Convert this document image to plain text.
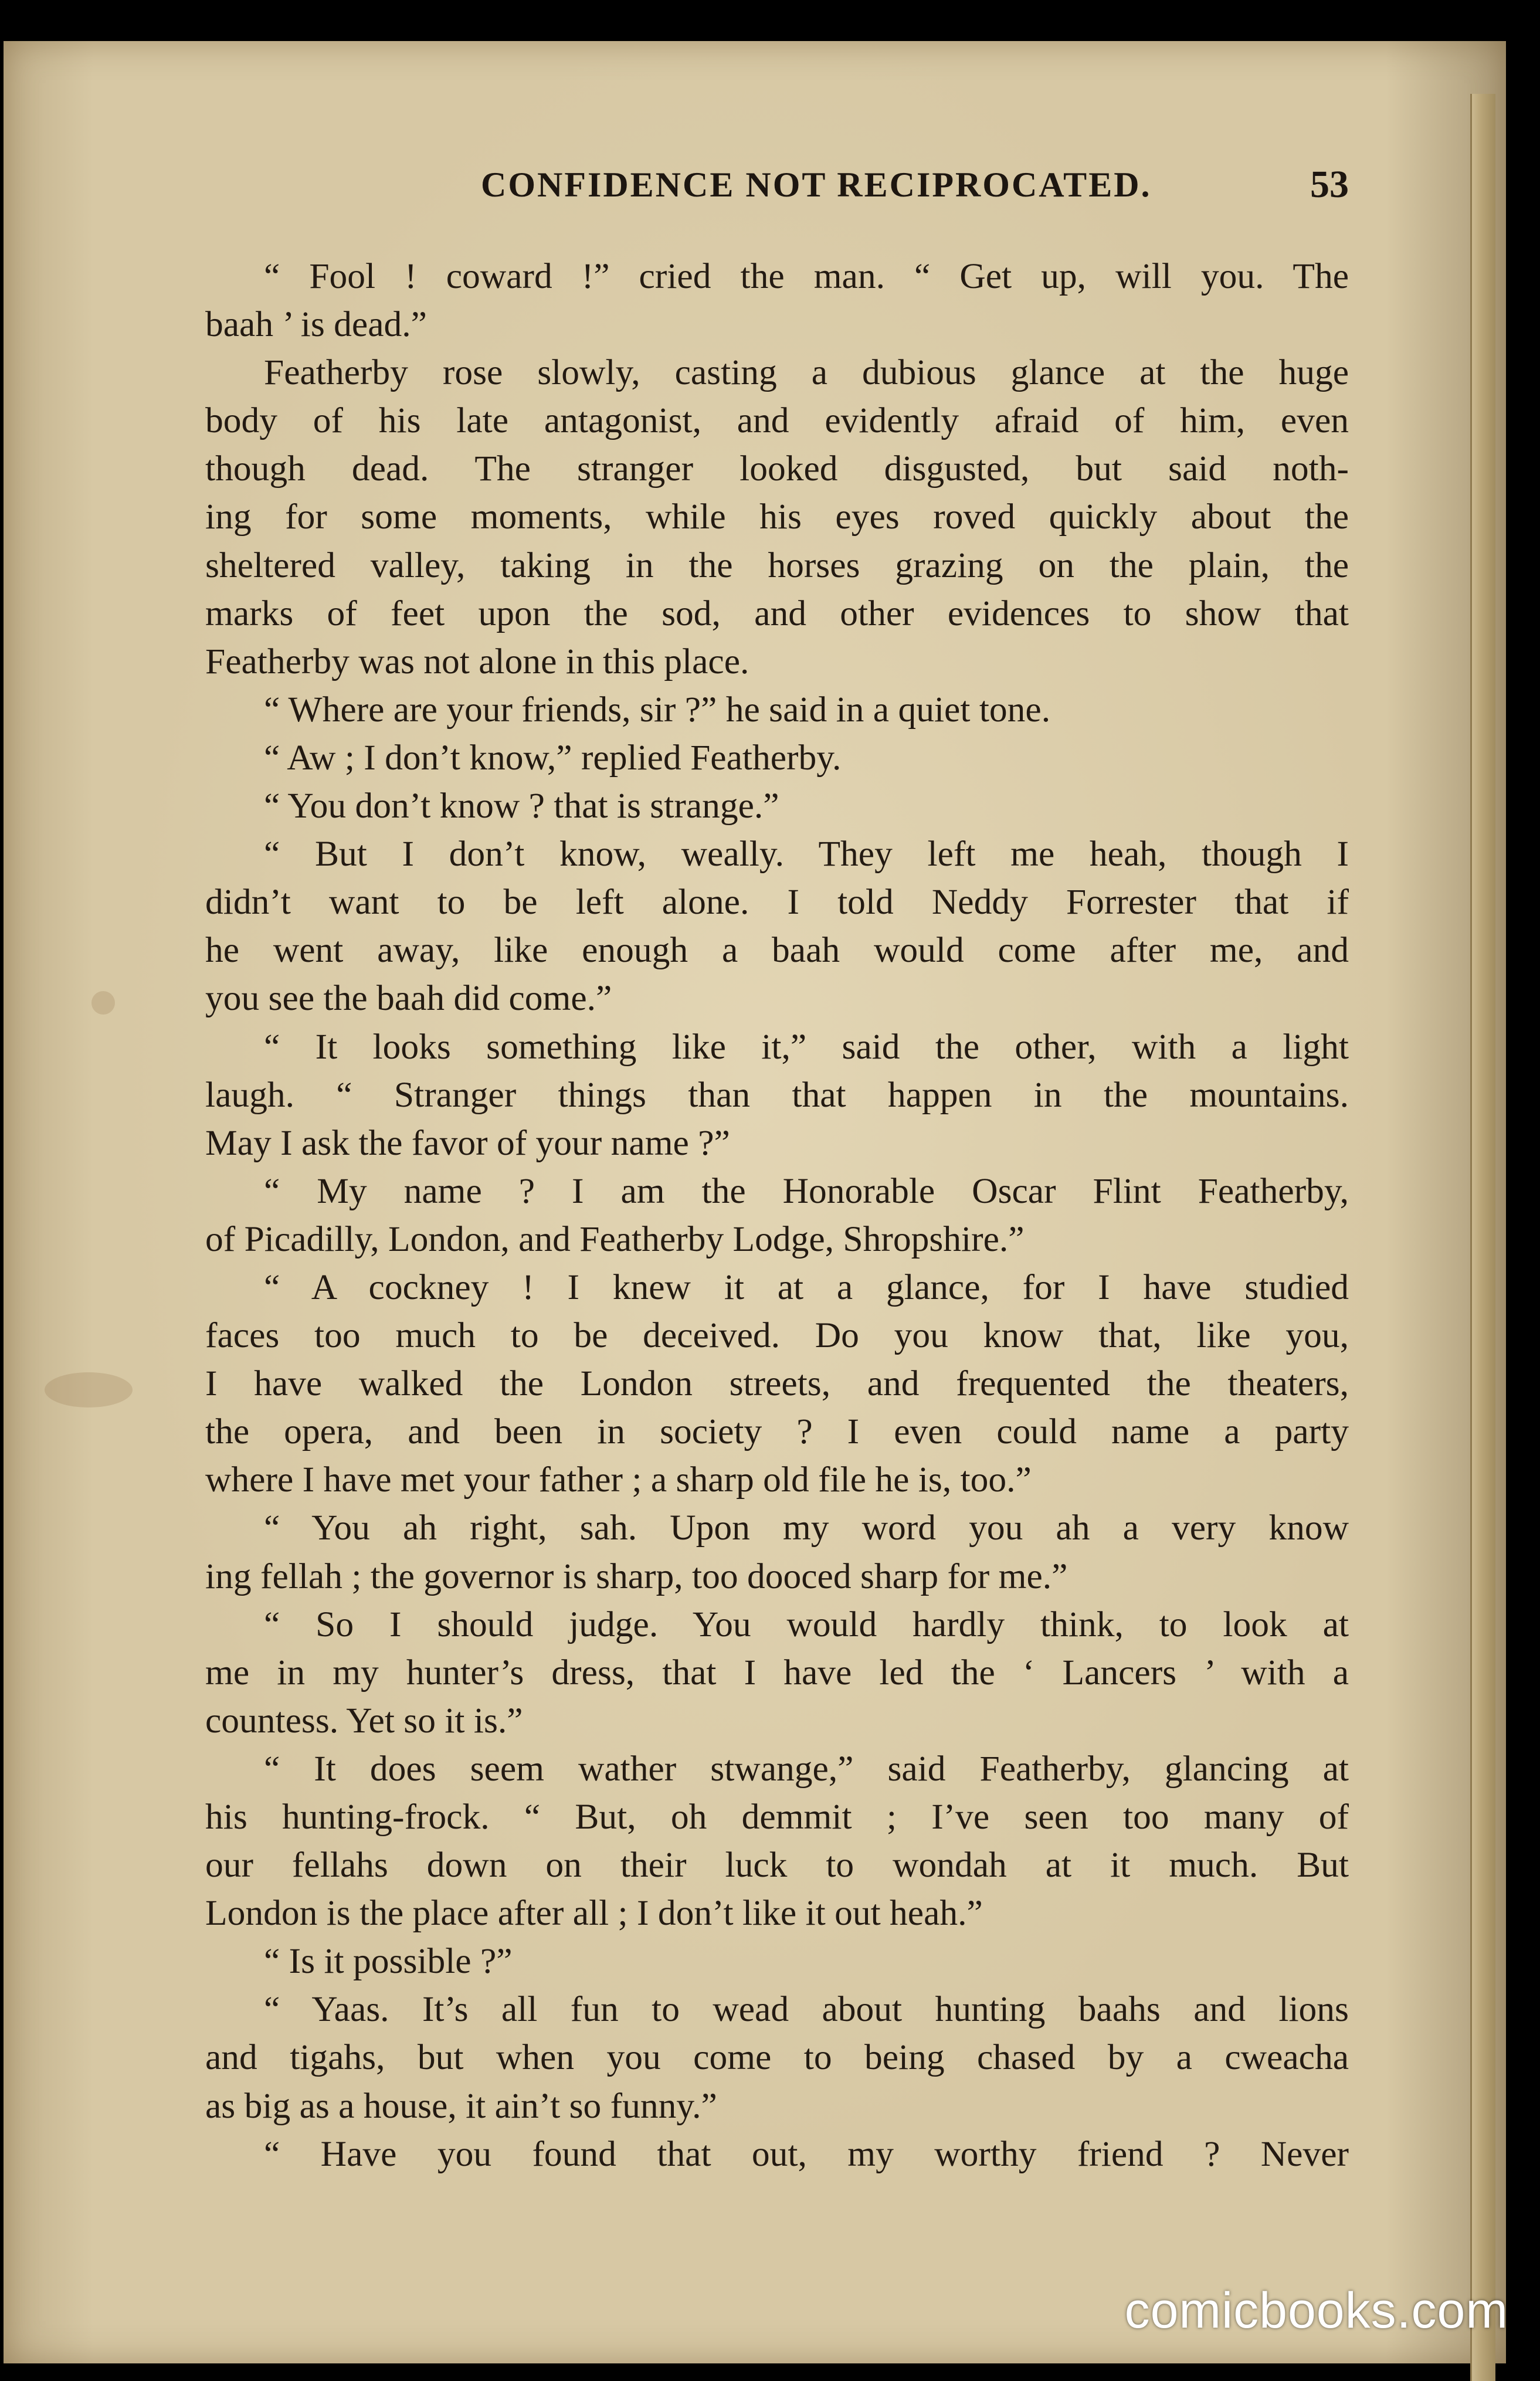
CONFIDENCE NOT RECIPROCATED.	53
“ Fool ! coward !” cried the man. “ Get up, will you. The
baah ’ is dead.”
Featherby rose slowly, casting a dubious glance at the huge
body of his late antagonist, and evidently afraid of him, even
though dead. The stranger looked disgusted, but said noth-
ing for some moments, while his eyes roved quickly about the
sheltered valley, taking in the horses grazing on the plain, the
marks of feet upon the sod, and other evidences to show that
Featherby was not alone in this place.
“ Where are your friends, sir ?” he said in a quiet tone.
“ Aw ; I don’t know,” replied Featherby.
“ You don’t know ? that is strange.”
“ But I don’t know, weally. They left me heah, though I
didn’t want to be left alone. I told Neddy Forrester that if
he went away, like enough a baah would come after me, and
you see the baah did come.”
“ It looks something like it,” said the other, with a light
laugh. “ Stranger things than that happen in the mountains.
May I ask the favor of your name ?”
“ My name ? I am the Honorable Oscar Flint Featherby,
of Picadilly, London, and Featherby Lodge, Shropshire.”
“ A cockney ! I knew it at a glance, for I have studied
faces too much to be deceived. Do you know that, like you,
I have walked the London streets, and frequented the theaters,
the opera, and been in society ? I even could name a party
where I have met your father ; a sharp old file he is, too.”
“ You ah right, sah. Upon my word you ah a very know
ing fellah ; the governor is sharp, too dooced sharp for me.”
“ So I should judge. You would hardly think, to look at
me in my hunter’s dress, that I have led the ‘ Lancers ’ with a
countess. Yet so it is.”
“ It does seem wather stwange,” said Featherby, glancing at
his hunting-frock. “ But, oh demmit ; I’ve seen too many of
our fellahs down on their luck to wondah at it much. But
London is the place after all ; I don’t like it out heah.”
“ Is it possible ?”
“ Yaas. It’s all fun to wead about hunting baahs and lions
and tigahs, but when you come to being chased by a cweacha
as big as a house, it ain’t so funny.”
“ Have you found that out, my worthy friend ? Never
comicbooks.com
